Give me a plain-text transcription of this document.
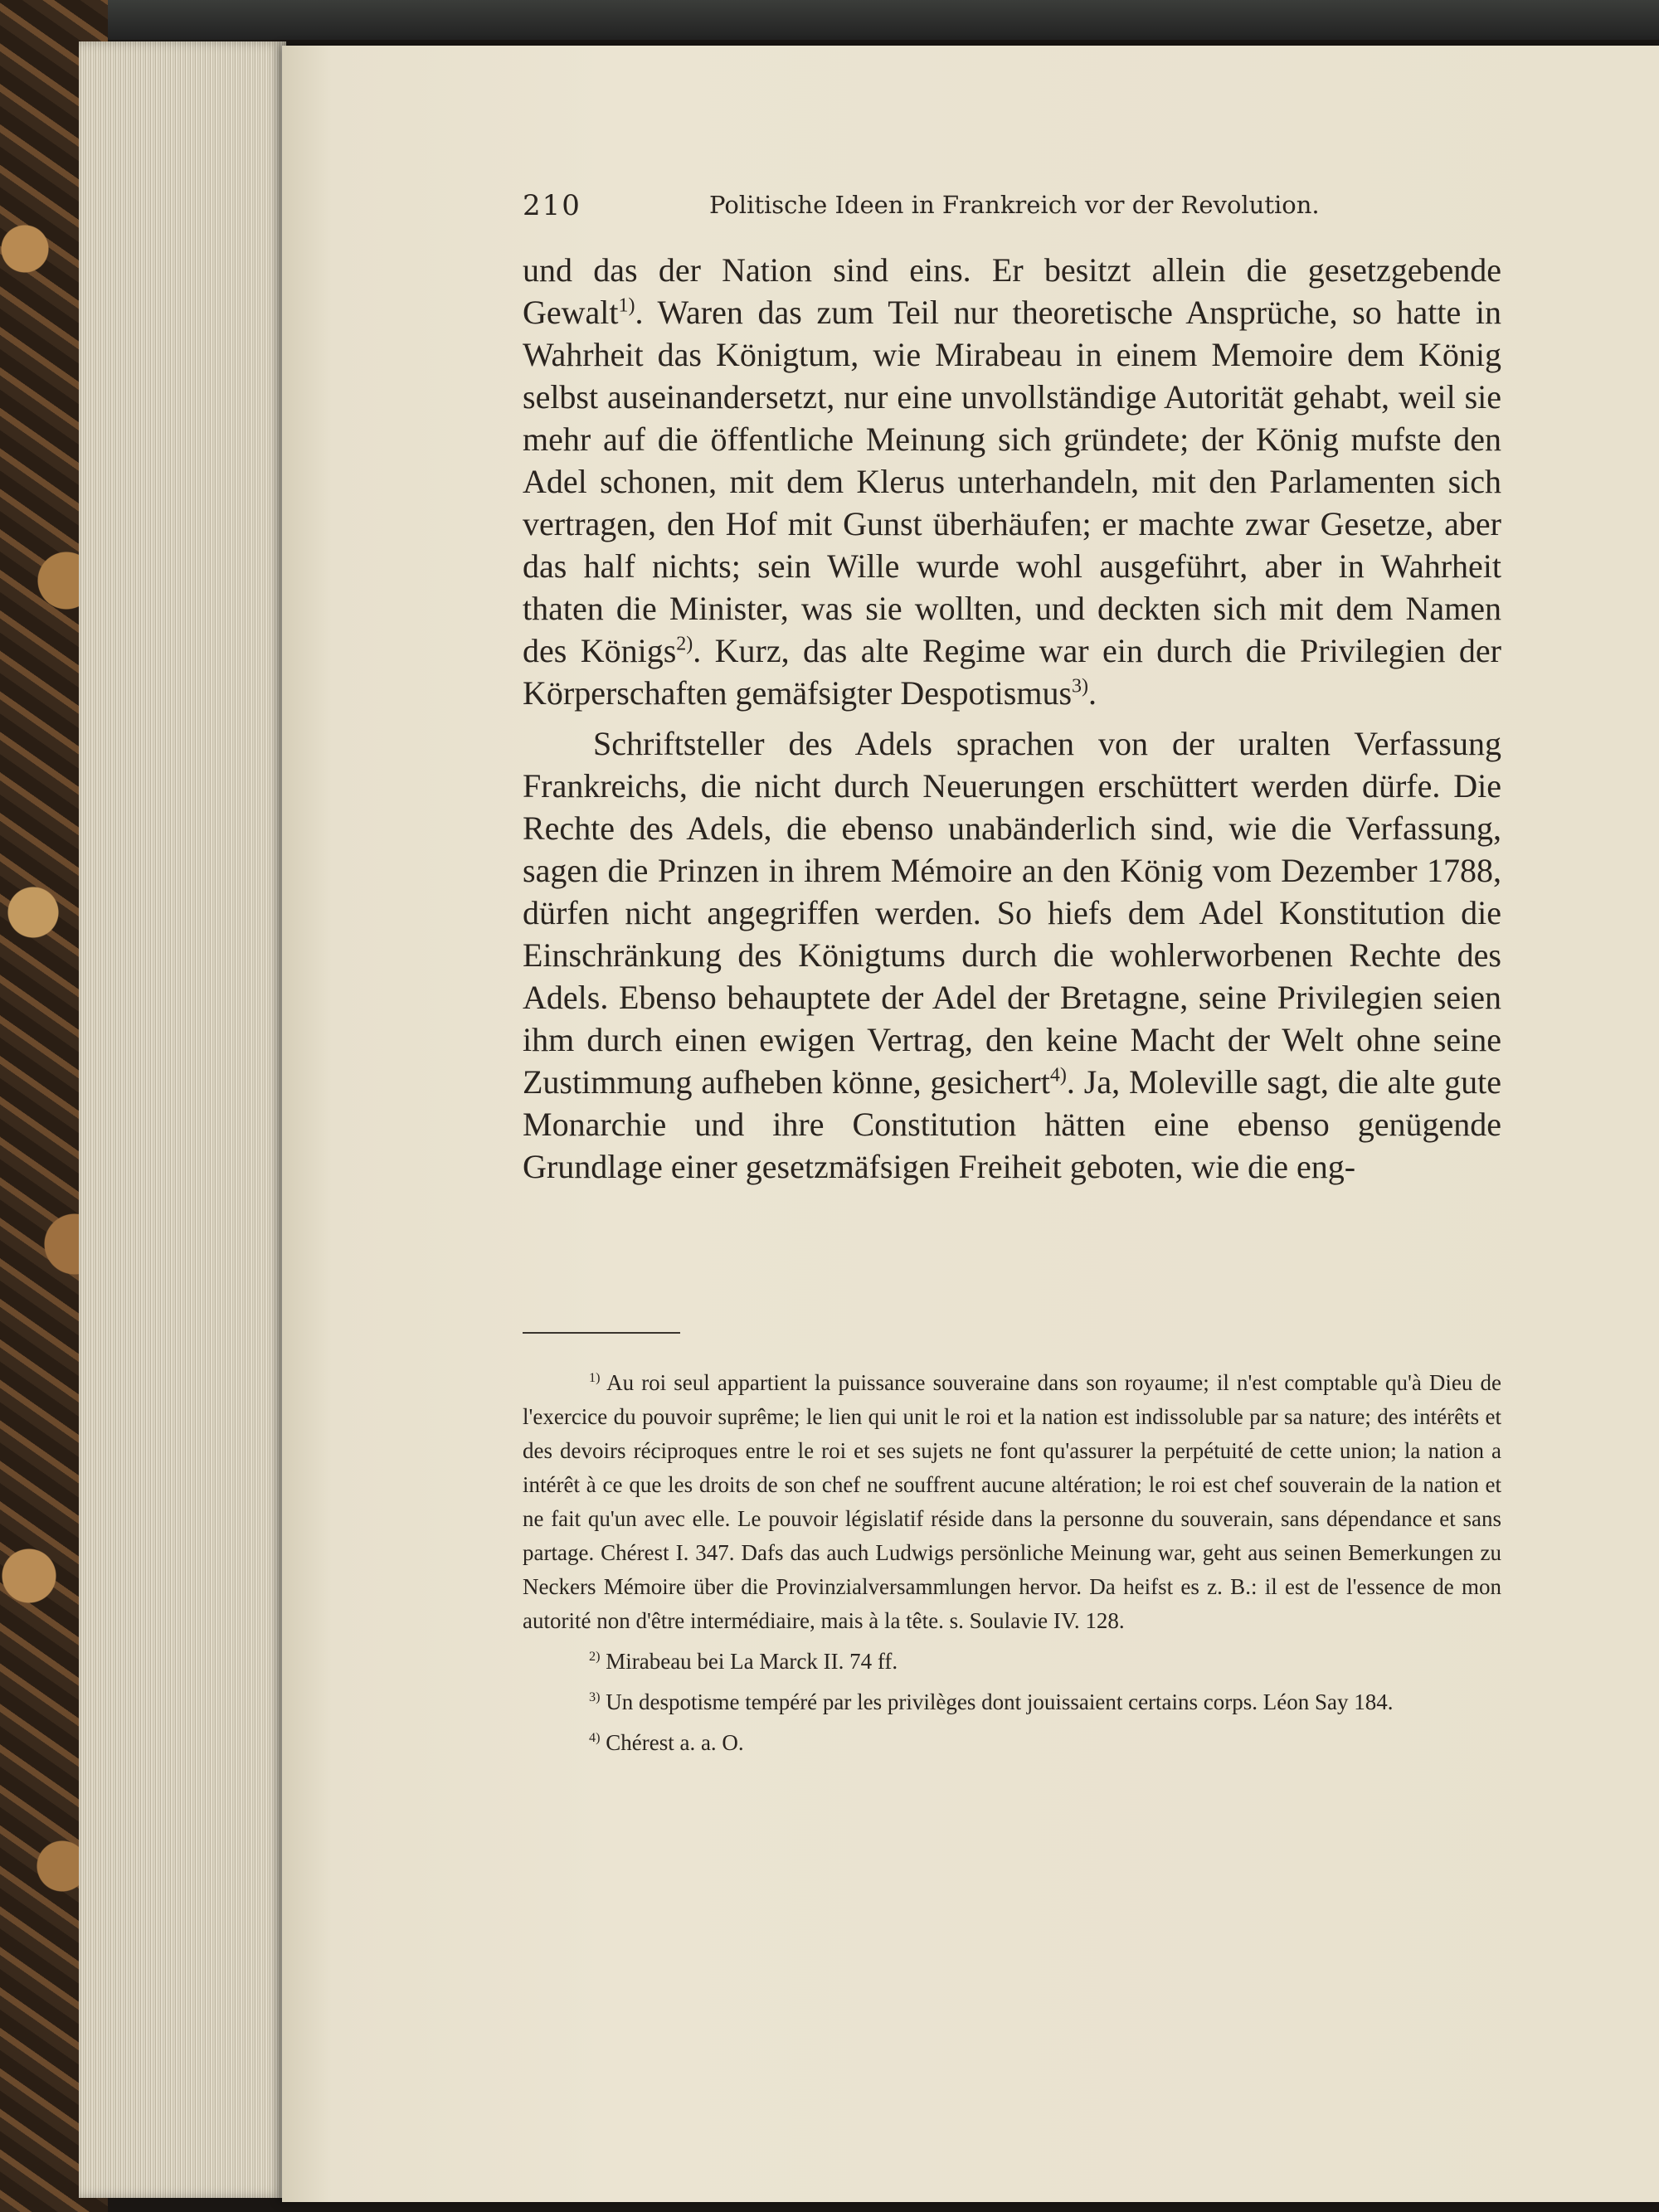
210	Politische Ideen in Frankreich vor der Revolution.

und das der Nation sind eins. Er besitzt allein die gesetzgebende Gewalt$^{1)}$. Waren das zum Teil nur theoretische Ansprüche, so hatte in Wahrheit das Königtum, wie Mirabeau in einem Memoire dem König selbst auseinandersetzt, nur eine unvollständige Autorität gehabt, weil sie mehr auf die öffentliche Meinung sich gründete; der König mufste den Adel schonen, mit dem Klerus unterhandeln, mit den Parlamenten sich vertragen, den Hof mit Gunst überhäufen; er machte zwar Gesetze, aber das half nichts; sein Wille wurde wohl ausgeführt, aber in Wahrheit thaten die Minister, was sie wollten, und deckten sich mit dem Namen des Königs$^{2)}$. Kurz, das alte Regime war ein durch die Privilegien der Körperschaften gemäfsigter Despotismus$^{3)}$.

Schriftsteller des Adels sprachen von der uralten Verfassung Frankreichs, die nicht durch Neuerungen erschüttert werden dürfe. Die Rechte des Adels, die ebenso unabänderlich sind, wie die Verfassung, sagen die Prinzen in ihrem Mémoire an den König vom Dezember 1788, dürfen nicht angegriffen werden. So hiefs dem Adel Konstitution die Einschränkung des Königtums durch die wohlerworbenen Rechte des Adels. Ebenso behauptete der Adel der Bretagne, seine Privilegien seien ihm durch einen ewigen Vertrag, den keine Macht der Welt ohne seine Zustimmung aufheben könne, gesichert$^{4)}$. Ja, Moleville sagt, die alte gute Monarchie und ihre Constitution hätten eine ebenso genügende Grundlage einer gesetzmäfsigen Freiheit geboten, wie die eng-

$^{1)}$ Au roi seul appartient la puissance souveraine dans son royaume; il n'est comptable qu'à Dieu de l'exercice du pouvoir suprême; le lien qui unit le roi et la nation est indissoluble par sa nature; des intérêts et des devoirs réciproques entre le roi et ses sujets ne font qu'assurer la perpétuité de cette union; la nation a intérêt à ce que les droits de son chef ne souffrent aucune altération; le roi est chef souverain de la nation et ne fait qu'un avec elle. Le pouvoir législatif réside dans la personne du souverain, sans dépendance et sans partage. Chérest I. 347. Dafs das auch Ludwigs persönliche Meinung war, geht aus seinen Bemerkungen zu Neckers Mémoire über die Provinzialversammlungen hervor. Da heifst es z. B.: il est de l'essence de mon autorité non d'être intermédiaire, mais à la tête. s. Soulavie IV. 128.

$^{2)}$ Mirabeau bei La Marck II. 74 ff.

$^{3)}$ Un despotisme tempéré par les privilèges dont jouissaient certains corps. Léon Say 184.

$^{4)}$ Chérest a. a. O.
